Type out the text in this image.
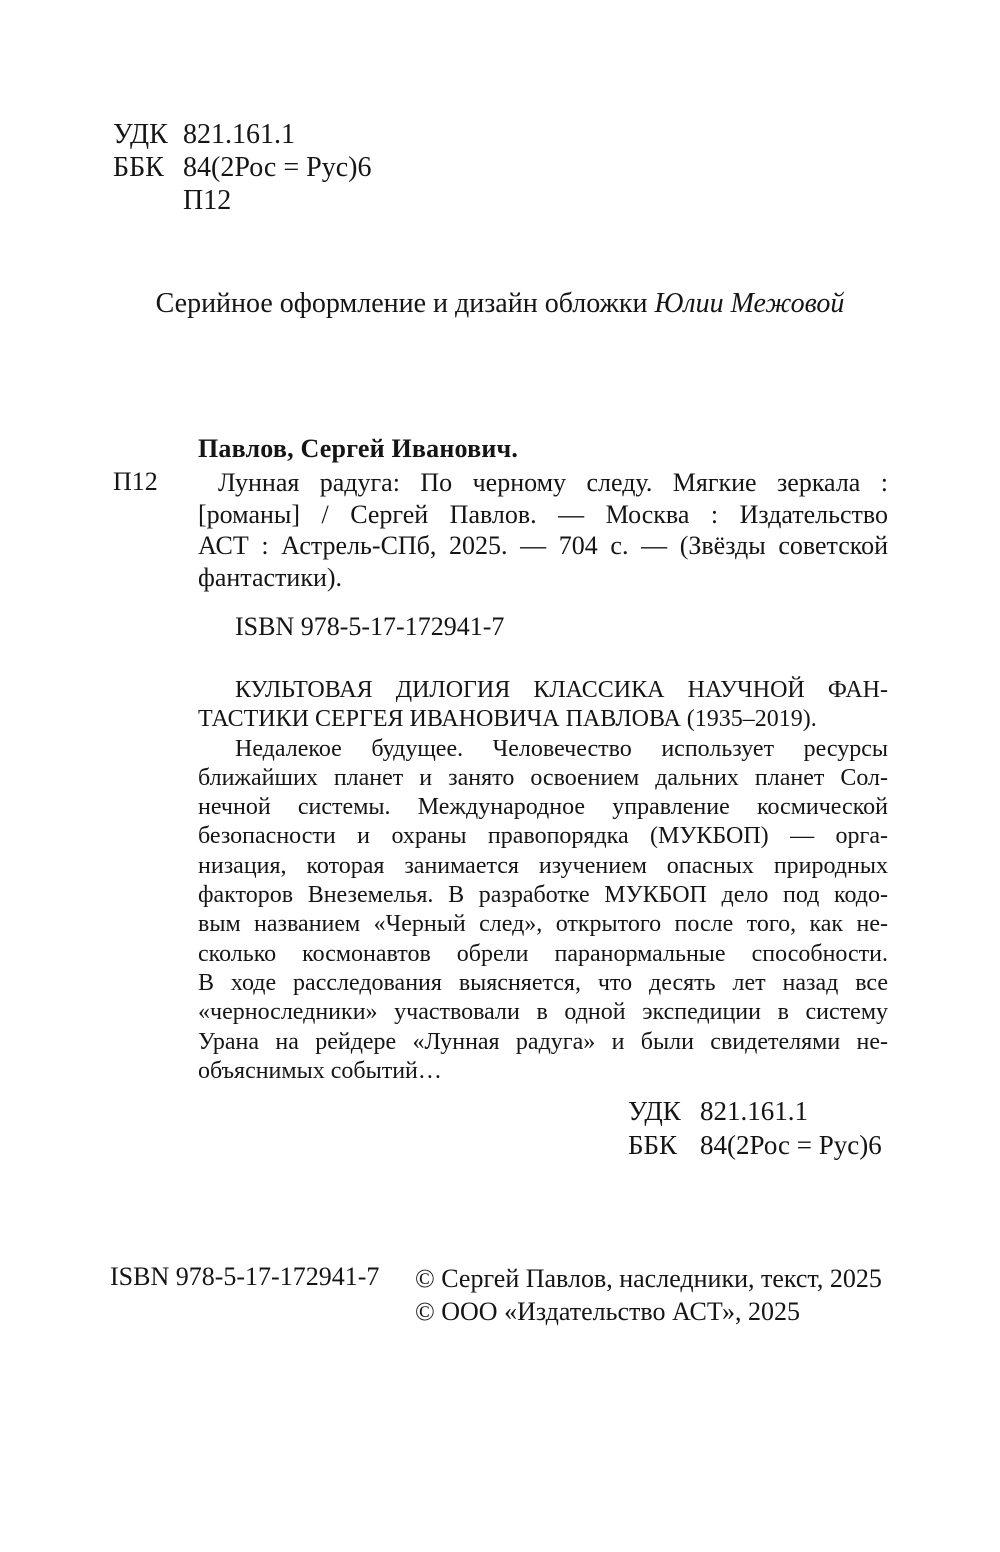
УДК 821.161.1
ББК 84(2Рос = Рус)6
П12
Серийное оформление и дизайн обложки Юлии Межовой
Павлов, Сергей Иванович.
П12	Лунная радуга: По черному следу. Мягкие зеркала :
[романы] / Сергей Павлов. — Москва : Издательство
АСТ : Астрель-СПб, 2025. — 704 с. — (Звёзды советской
фантастики).
ISBN 978-5-17-172941-7
КУЛЬТОВАЯ ДИЛОГИЯ КЛАССИКА НАУЧНОЙ ФАН-
ТАСТИКИ СЕРГЕЯ ИВАНОВИЧА ПАВЛОВА (1935–2019).
Недалекое будущее. Человечество использует ресурсы
ближайших планет и занято освоением дальних планет Сол-
нечной системы. Международное управление космической
безопасности и охраны правопорядка (МУКБОП) — орга-
низация, которая занимается изучением опасных природных
факторов Внеземелья. В разработке МУКБОП дело под кодо-
вым названием «Черный след», открытого после того, как не-
сколько космонавтов обрели паранормальные способности.
В ходе расследования выясняется, что десять лет назад все
«черноследники» участвовали в одной экспедиции в систему
Урана на рейдере «Лунная радуга» и были свидетелями не-
объяснимых событий…
УДК 821.161.1
ББК 84(2Рос = Рус)6
ISBN 978-5-17-172941-7 © Сергей Павлов, наследники, текст, 2025
© ООО «Издательство АСТ», 2025
